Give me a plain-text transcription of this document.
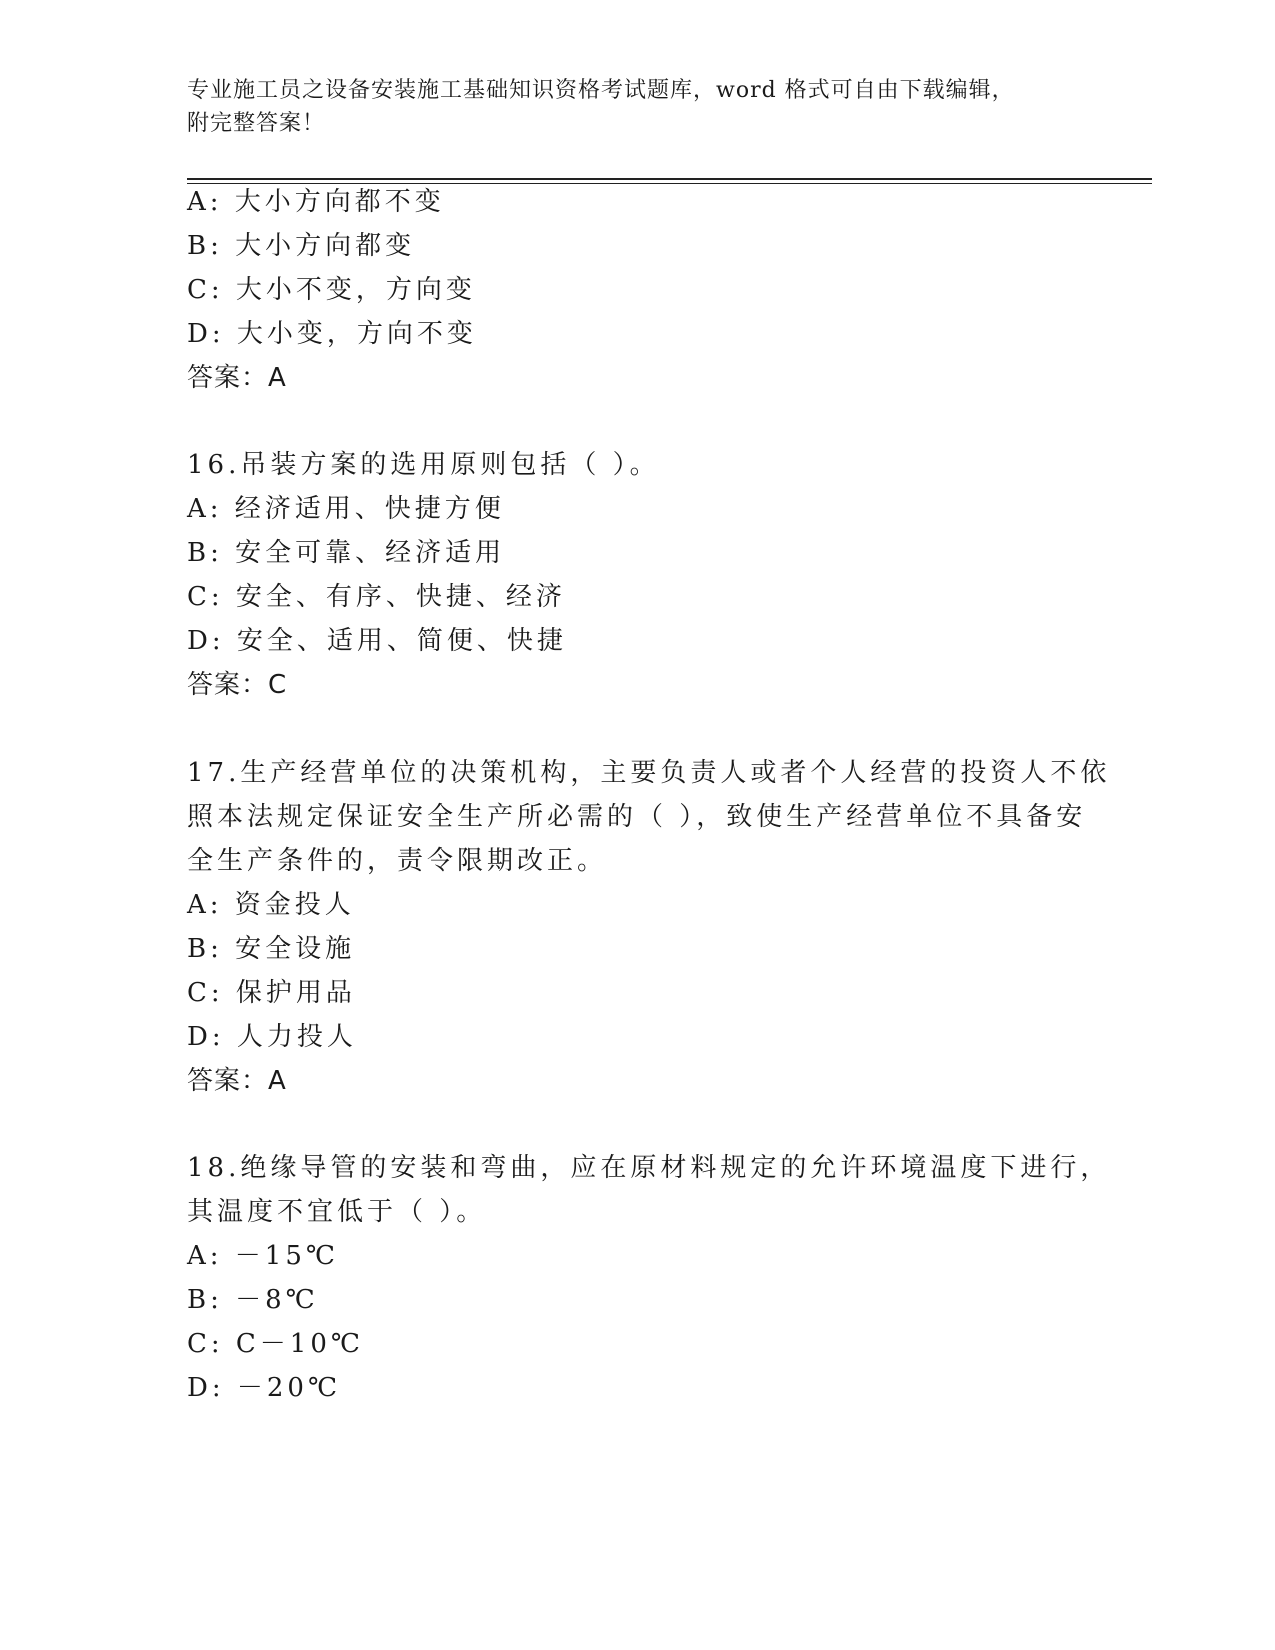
专业施工员之设备安装施工基础知识资格考试题库，word 格式可自由下载编辑，
附完整答案！
A: 大小方向都不变
B: 大小方向都变
C: 大小不变，方向变
D: 大小变，方向不变
答案：A
16.吊装方案的选用原则包括（ ）。
A: 经济适用、快捷方便
B: 安全可靠、经济适用
C: 安全、有序、快捷、经济
D: 安全、适用、简便、快捷
答案：C
17.生产经营单位的决策机构，主要负责人或者个人经营的投资人不依
照本法规定保证安全生产所必需的（ ），致使生产经营单位不具备安
全生产条件的，责令限期改正。
A: 资金投人
B: 安全设施
C: 保护用品
D: 人力投人
答案：A
18.绝缘导管的安装和弯曲，应在原材料规定的允许环境温度下进行，
其温度不宜低于（ ）。
A: －15℃
B: －8℃
C: C－10℃
D: －20℃
